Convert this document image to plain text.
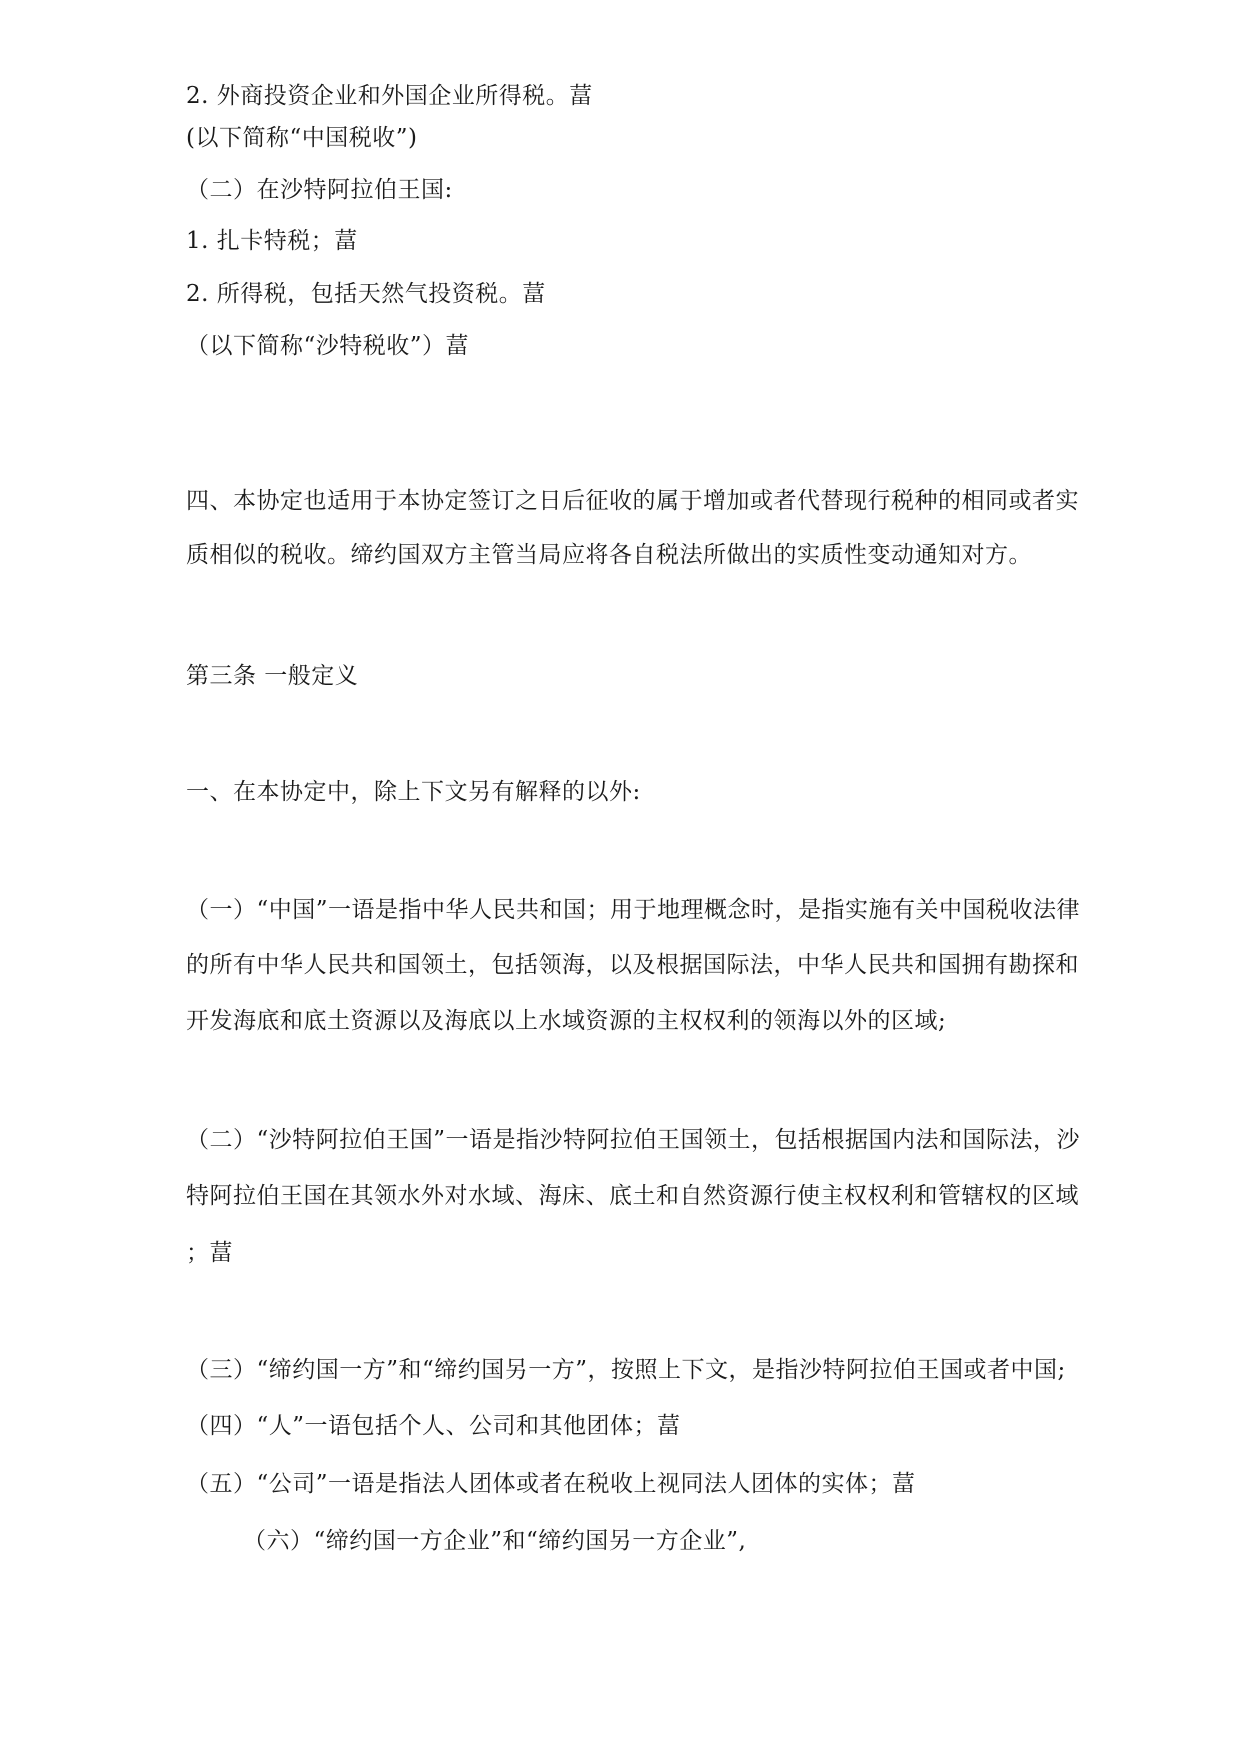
2. 外商投资企业和外国企业所得税。葍
(以下简称“中国税收”)
（二）在沙特阿拉伯王国:
1. 扎卡特税；葍
2. 所得税，包括天然气投资税。葍
（以下简称“沙特税收”）葍
四、本协定也适用于本协定签订之日后征收的属于增加或者代替现行税种的相同或者实
质相似的税收。缔约国双方主管当局应将各自税法所做出的实质性变动通知对方。
第三条 一般定义
一、在本协定中，除上下文另有解释的以外:
（一）“中国”一语是指中华人民共和国；用于地理概念时，是指实施有关中国税收法律
的所有中华人民共和国领土，包括领海，以及根据国际法，中华人民共和国拥有勘探和
开发海底和底土资源以及海底以上水域资源的主权权利的领海以外的区域;
（二）“沙特阿拉伯王国”一语是指沙特阿拉伯王国领土，包括根据国内法和国际法，沙
特阿拉伯王国在其领水外对水域、海床、底土和自然资源行使主权权利和管辖权的区域
；葍
（三）“缔约国一方”和“缔约国另一方”，按照上下文，是指沙特阿拉伯王国或者中国;
（四）“人”一语包括个人、公司和其他团体；葍
（五）“公司”一语是指法人团体或者在税收上视同法人团体的实体；葍
（六）“缔约国一方企业”和“缔约国另一方企业”,
